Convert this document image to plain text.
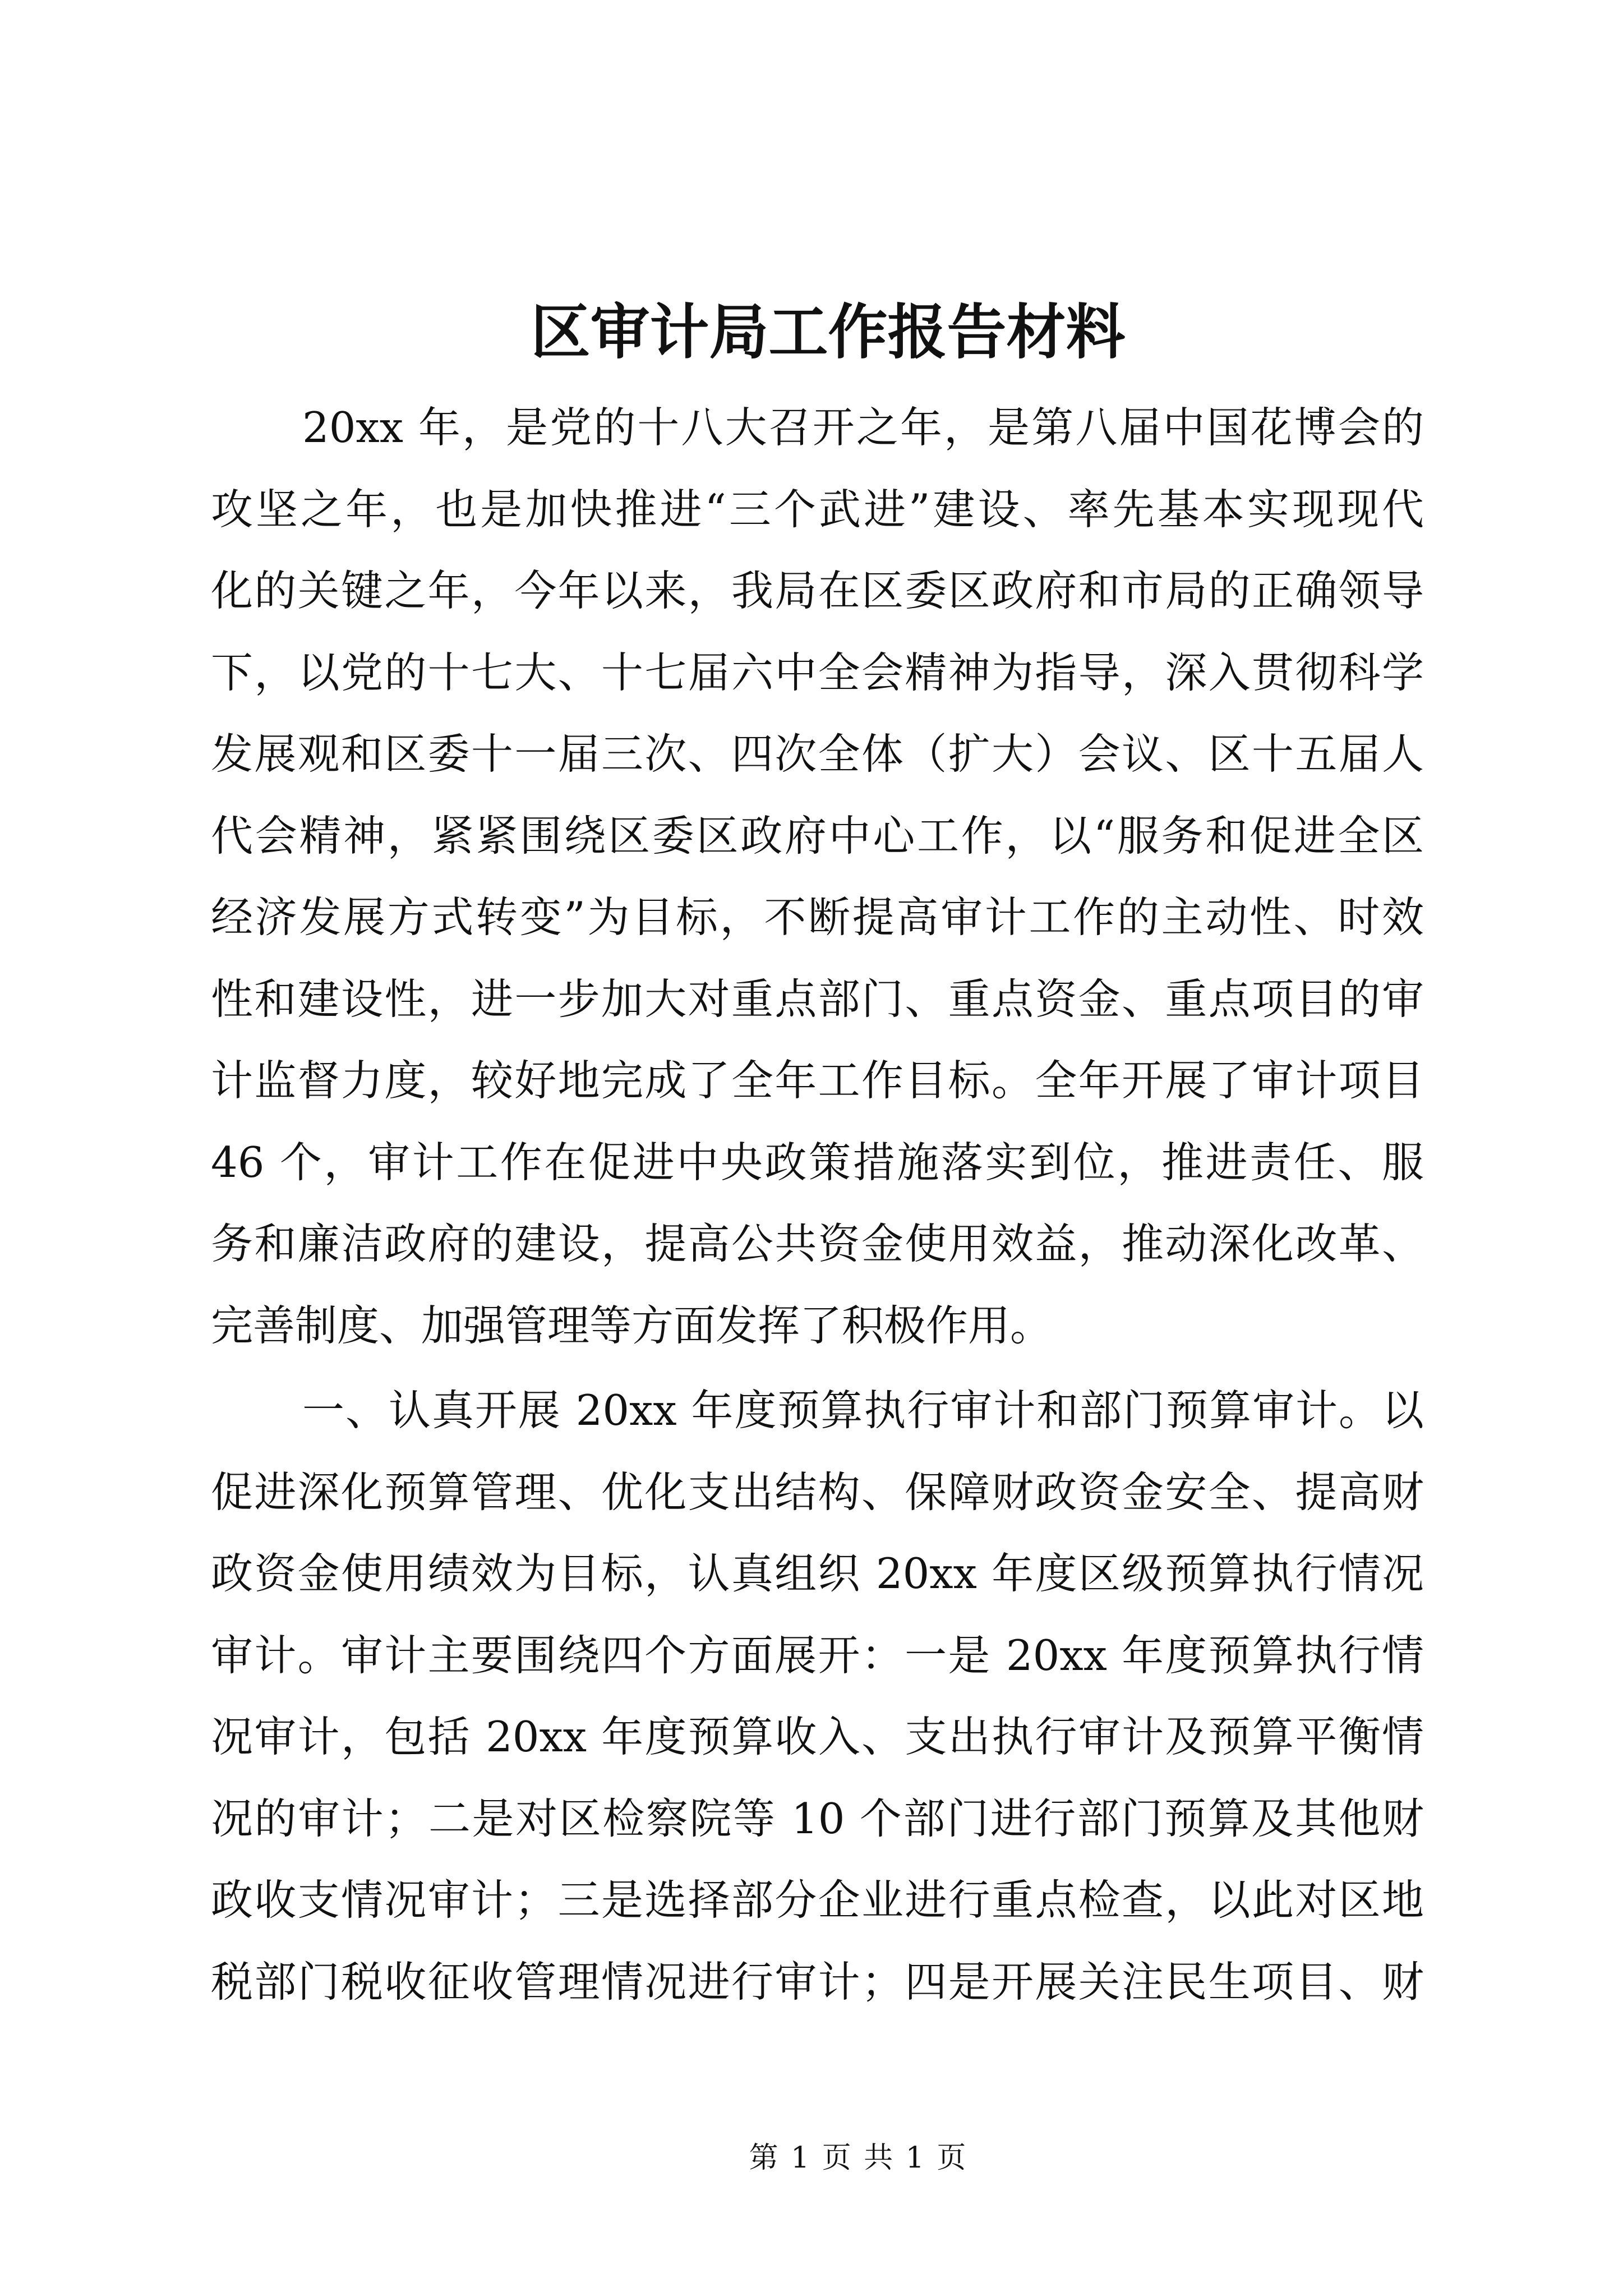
区审计局工作报告材料
20xx 年，是党的十八大召开之年，是第八届中国花博会的
攻坚之年，也是加快推进“三个武进”建设、率先基本实现现代
化的关键之年，今年以来，我局在区委区政府和市局的正确领导
下，以党的十七大、十七届六中全会精神为指导，深入贯彻科学
发展观和区委十一届三次、四次全体（扩大）会议、区十五届人
代会精神，紧紧围绕区委区政府中心工作，以“服务和促进全区
经济发展方式转变”为目标，不断提高审计工作的主动性、时效
性和建设性，进一步加大对重点部门、重点资金、重点项目的审
计监督力度，较好地完成了全年工作目标。全年开展了审计项目
46 个，审计工作在促进中央政策措施落实到位，推进责任、服
务和廉洁政府的建设，提高公共资金使用效益，推动深化改革、
完善制度、加强管理等方面发挥了积极作用。
一、认真开展 20xx 年度预算执行审计和部门预算审计。以
促进深化预算管理、优化支出结构、保障财政资金安全、提高财
政资金使用绩效为目标，认真组织 20xx 年度区级预算执行情况
审计。审计主要围绕四个方面展开：一是 20xx 年度预算执行情
况审计，包括 20xx 年度预算收入、支出执行审计及预算平衡情
况的审计；二是对区检察院等 10 个部门进行部门预算及其他财
政收支情况审计；三是选择部分企业进行重点检查，以此对区地
税部门税收征收管理情况进行审计；四是开展关注民生项目、财
第 1 页 共 1 页
